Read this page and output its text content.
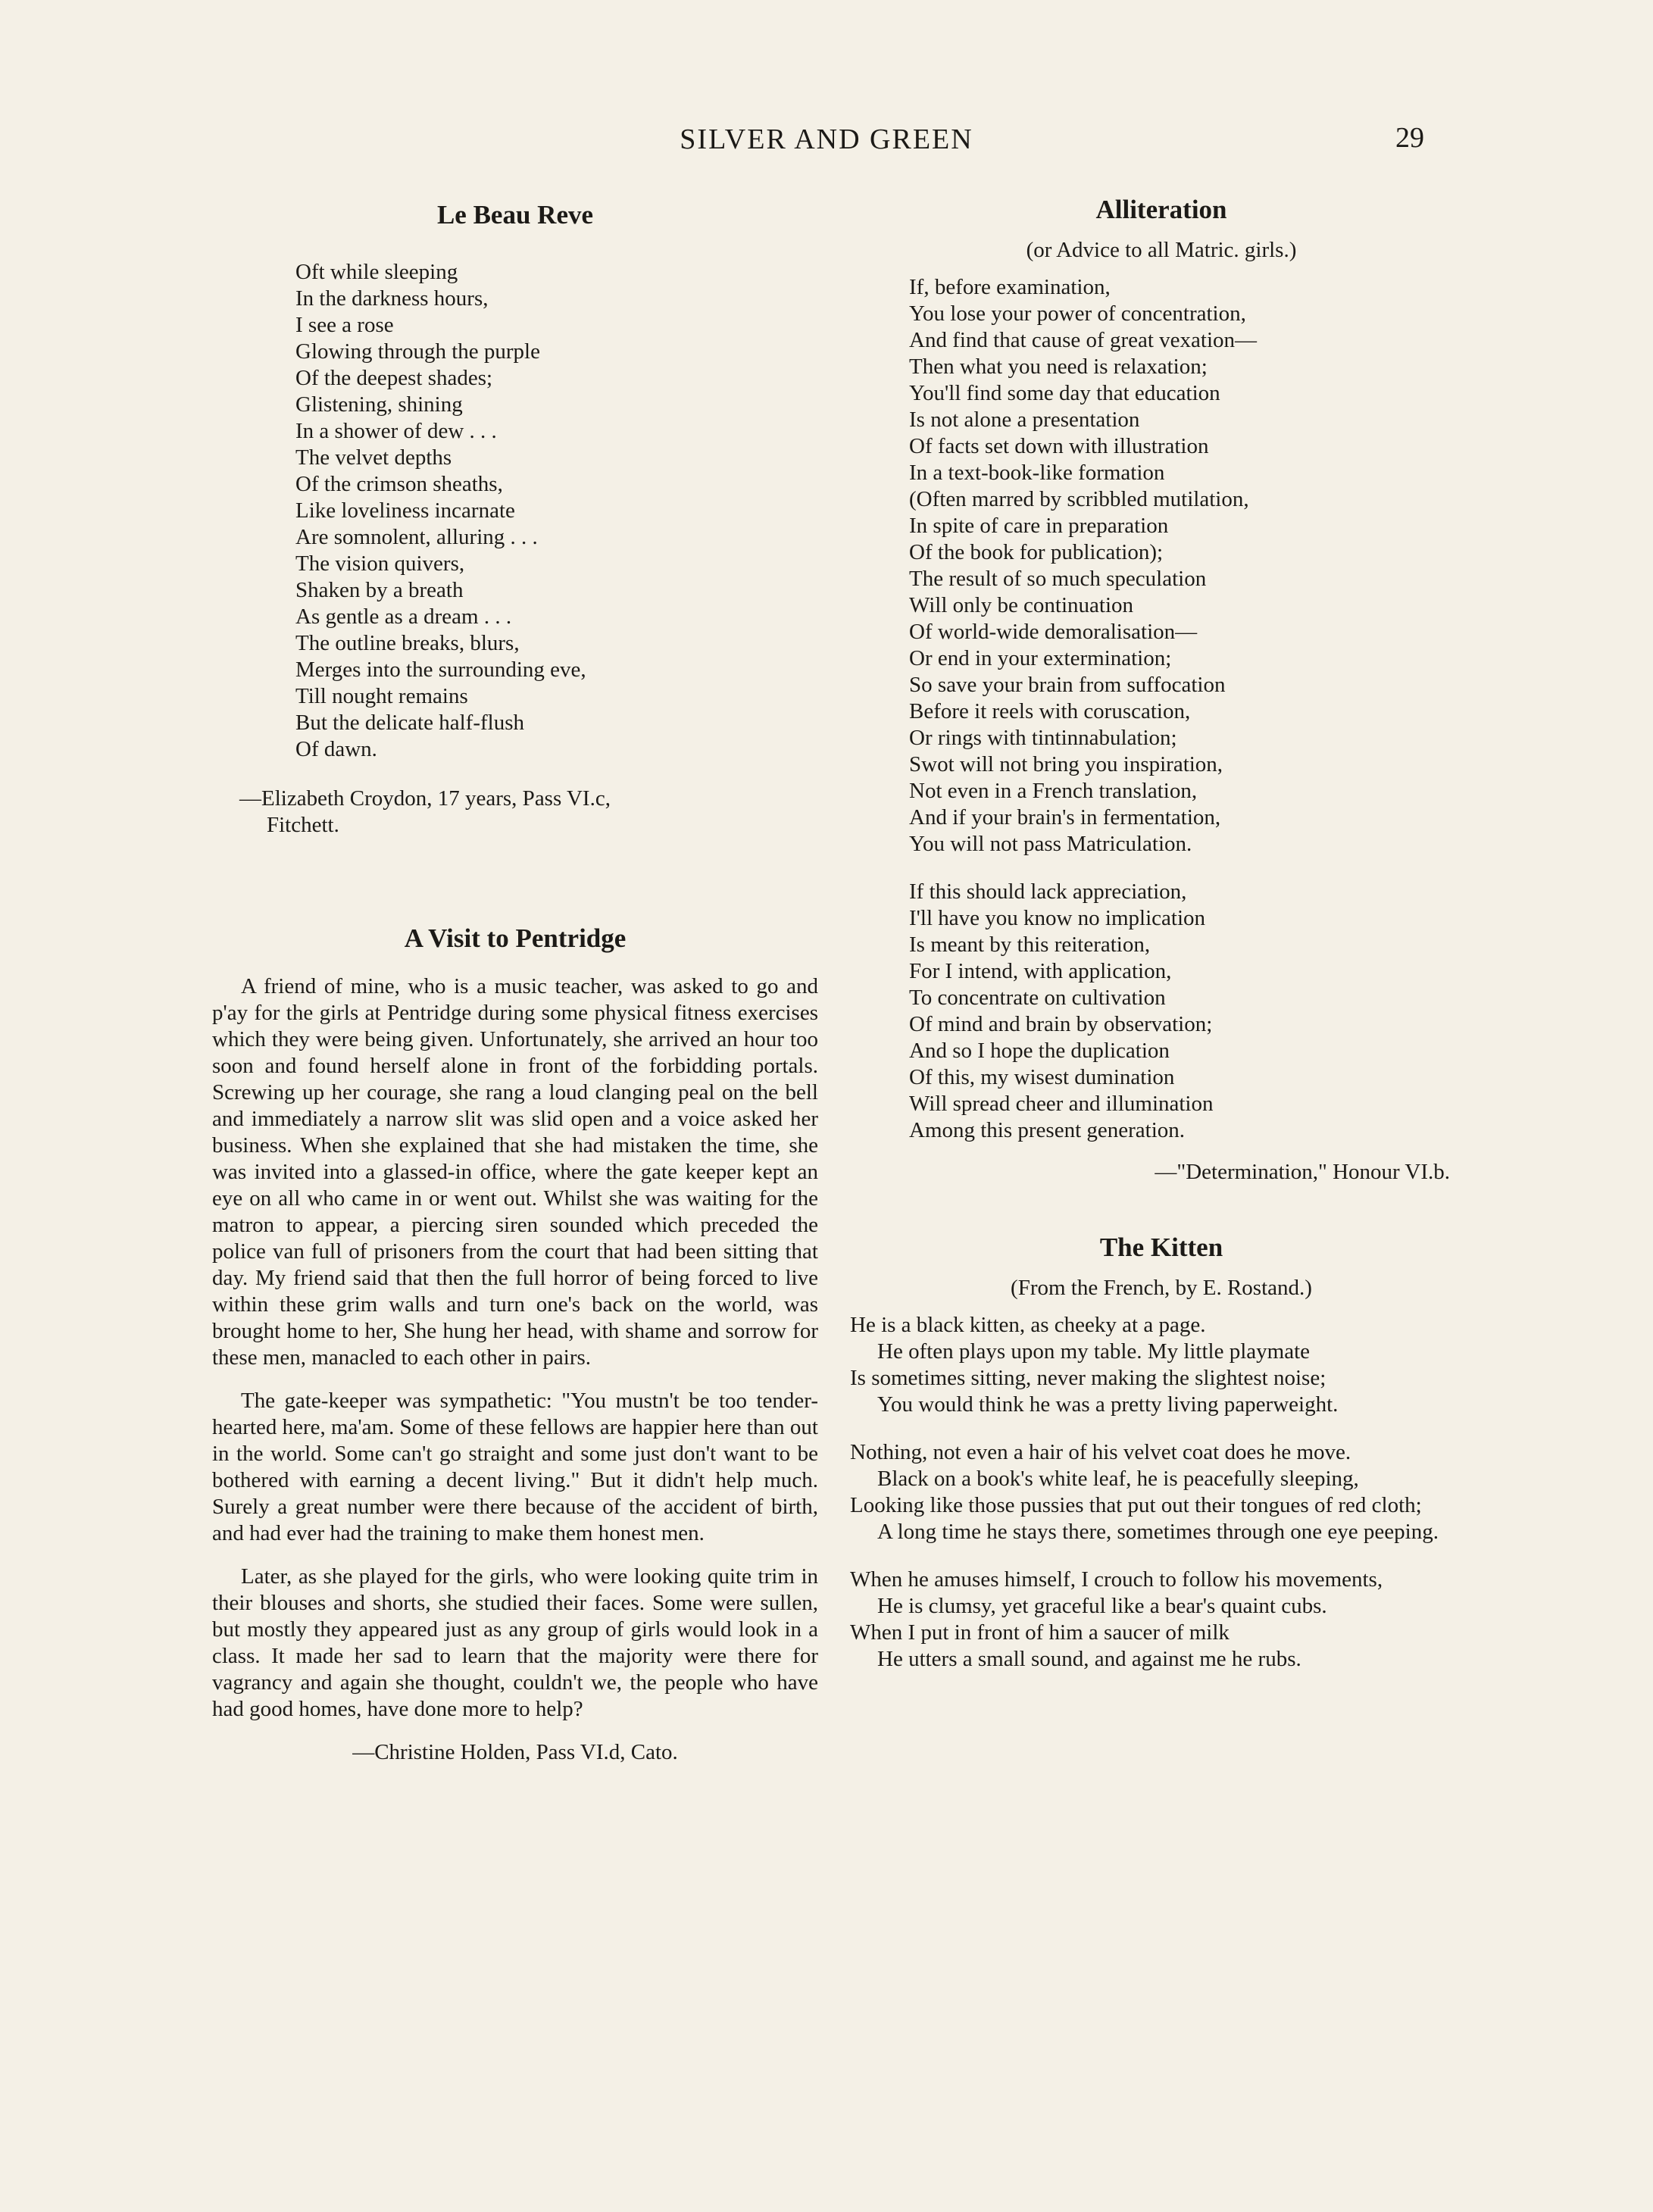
SILVER AND GREEN	29
Le Beau Reve
Oft while sleeping
In the darkness hours,
I see a rose
Glowing through the purple
Of the deepest shades;
Glistening, shining
In a shower of dew . . .
The velvet depths
Of the crimson sheaths,
Like loveliness incarnate
Are somnolent, alluring . . .
The vision quivers,
Shaken by a breath
As gentle as a dream . . .
The outline breaks, blurs,
Merges into the surrounding eve,
Till nought remains
But the delicate half-flush
Of dawn.

—Elizabeth Croydon, 17 years, Pass VI.c,
Fitchett.

A Visit to Pentridge

A friend of mine, who is a music teacher, was asked to go and p'ay for the girls at Pentridge during some physical fitness exercises which they were being given. Unfortunately, she arrived an hour too soon and found herself alone in front of the forbidding portals. Screwing up her courage, she rang a loud clanging peal on the bell and immediately a narrow slit was slid open and a voice asked her business. When she explained that she had mistaken the time, she was invited into a glassed-in office, where the gate keeper kept an eye on all who came in or went out. Whilst she was waiting for the matron to appear, a piercing siren sounded which preceded the police van full of prisoners from the court that had been sitting that day. My friend said that then the full horror of being forced to live within these grim walls and turn one's back on the world, was brought home to her, She hung her head, with shame and sorrow for these men, manacled to each other in pairs.

The gate-keeper was sympathetic: "You mustn't be too tender-hearted here, ma'am. Some of these fellows are happier here than out in the world. Some can't go straight and some just don't want to be bothered with earning a decent living." But it didn't help much. Surely a great number were there because of the accident of birth, and had ever had the training to make them honest men.

Later, as she played for the girls, who were looking quite trim in their blouses and shorts, she studied their faces. Some were sullen, but mostly they appeared just as any group of girls would look in a class. It made her sad to learn that the majority were there for vagrancy and again she thought, couldn't we, the people who have had good homes, have done more to help?

—Christine Holden, Pass VI.d, Cato.

Alliteration
(or Advice to all Matric. girls.)
If, before examination,
You lose your power of concentration,
And find that cause of great vexation—
Then what you need is relaxation;
You'll find some day that education
Is not alone a presentation
Of facts set down with illustration
In a text-book-like formation
(Often marred by scribbled mutilation,
In spite of care in preparation
Of the book for publication);
The result of so much speculation
Will only be continuation
Of world-wide demoralisation—
Or end in your extermination;
So save your brain from suffocation
Before it reels with coruscation,
Or rings with tintinnabulation;
Swot will not bring you inspiration,
Not even in a French translation,
And if your brain's in fermentation,
You will not pass Matriculation.
If this should lack appreciation,
I'll have you know no implication
Is meant by this reiteration,
For I intend, with application,
To concentrate on cultivation
Of mind and brain by observation;
And so I hope the duplication
Of this, my wisest dumination
Will spread cheer and illumination
Among this present generation.

—"Determination," Honour VI.b.

The Kitten
(From the French, by E. Rostand.)
He is a black kitten, as cheeky at a page.
He often plays upon my table. My little playmate
Is sometimes sitting, never making the slightest noise;
You would think he was a pretty living paperweight.
Nothing, not even a hair of his velvet coat does he move.
Black on a book's white leaf, he is peacefully sleeping,
Looking like those pussies that put out their tongues of red cloth;
A long time he stays there, sometimes through one eye peeping.
When he amuses himself, I crouch to follow his movements,
He is clumsy, yet graceful like a bear's quaint cubs.
When I put in front of him a saucer of milk
He utters a small sound, and against me he rubs.
